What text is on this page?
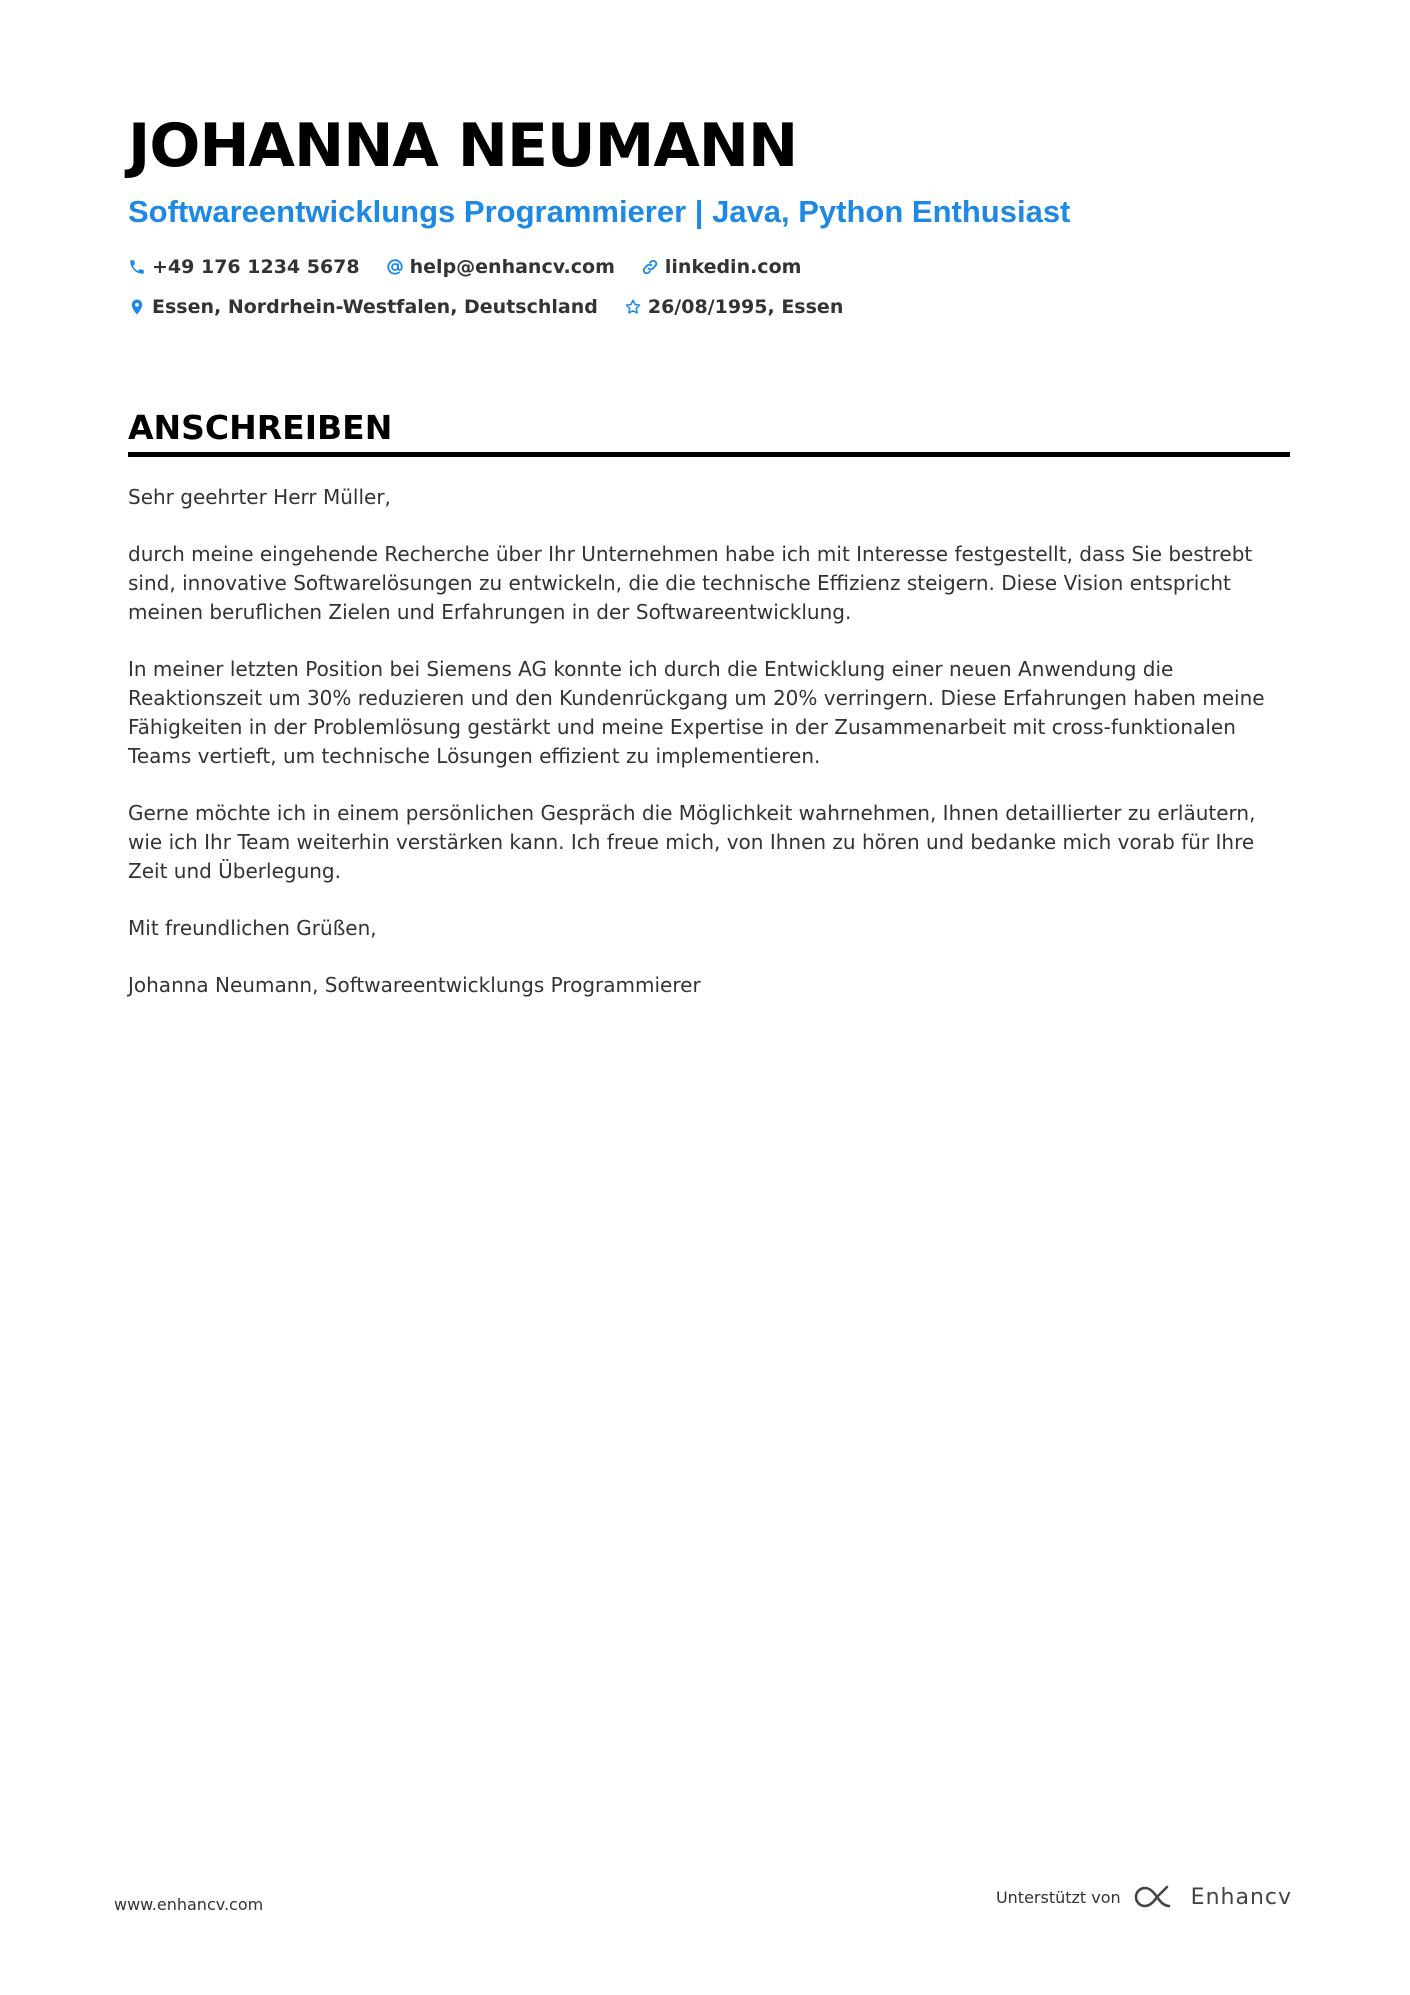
JOHANNA NEUMANN
Softwareentwicklungs Programmierer | Java, Python Enthusiast
+49 176 1234 5678	help@enhancv.com	linkedin.com
Essen, Nordrhein-Westfalen, Deutschland	26/08/1995, Essen
ANSCHREIBEN

Sehr geehrter Herr Müller,

durch meine eingehende Recherche über Ihr Unternehmen habe ich mit Interesse festgestellt, dass Sie bestrebt sind, innovative Softwarelösungen zu entwickeln, die die technische Effizienz steigern. Diese Vision entspricht meinen beruflichen Zielen und Erfahrungen in der Softwareentwicklung.

In meiner letzten Position bei Siemens AG konnte ich durch die Entwicklung einer neuen Anwendung die Reaktionszeit um 30% reduzieren und den Kundenrückgang um 20% verringern. Diese Erfahrungen haben meine Fähigkeiten in der Problemlösung gestärkt und meine Expertise in der Zusammenarbeit mit cross-funktionalen Teams vertieft, um technische Lösungen effizient zu implementieren.

Gerne möchte ich in einem persönlichen Gespräch die Möglichkeit wahrnehmen, Ihnen detaillierter zu erläutern, wie ich Ihr Team weiterhin verstärken kann. Ich freue mich, von Ihnen zu hören und bedanke mich vorab für Ihre Zeit und Überlegung.

Mit freundlichen Grüßen,

Johanna Neumann, Softwareentwicklungs Programmierer

www.enhancv.com	Unterstützt von	Enhancv
